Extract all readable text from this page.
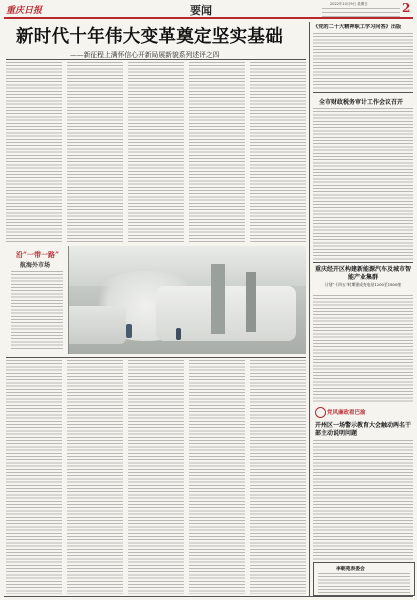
重庆日报	要闻	2022年10月9日 星期日	2
新时代十年伟大变革奠定坚实基础
——新征程上满怀信心开新局展新貌系列述评之四
沿“一带一路”
航海外市场
《党的二十大精神职工学习问答》出版
全市财政税务审计工作会议召开
重庆经开区构建新能源汽车及城市智能产业集群
计划“十四五”时期建成充电站1200至1800座
党风廉政看巴渝
开州区一场警示教育大会触动两名干部主动说明问题
李朝苑表委会
